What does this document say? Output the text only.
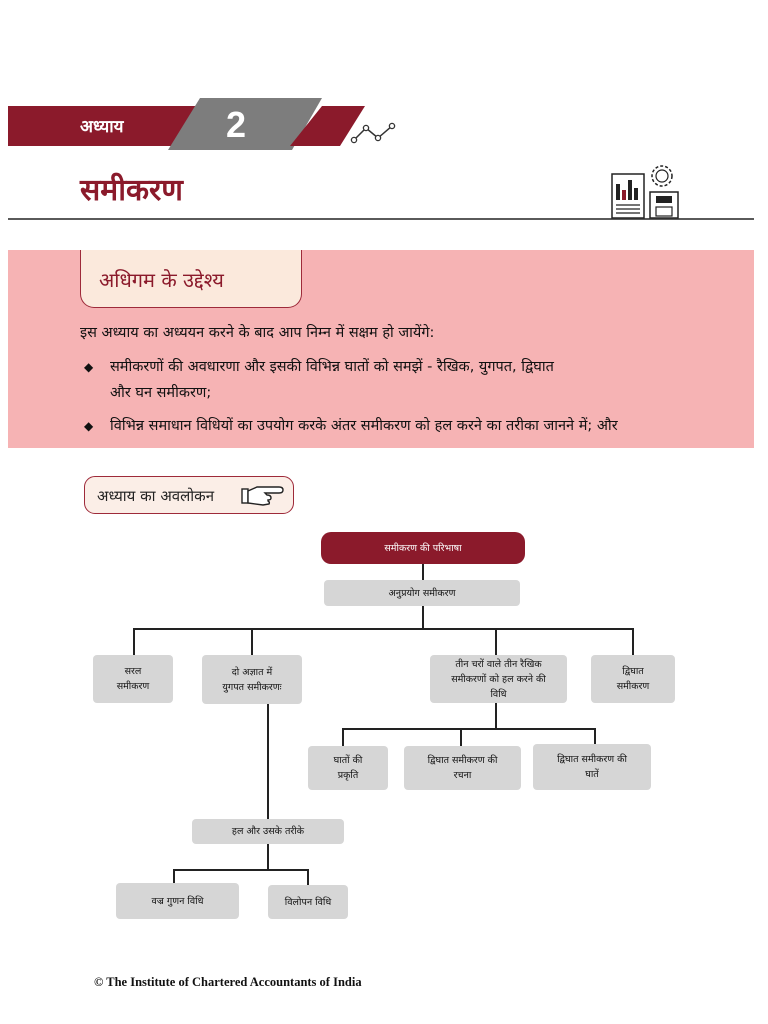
अध्याय	2
समीकरण
अधिगम के उद्देश्य
इस अध्याय का अध्ययन करने के बाद आप निम्न में सक्षम हो जायेंगे:
◆ समीकरणों की अवधारणा और इसकी विभिन्न घातों को समझें - रैखिक, युगपत, द्विघात
और घन समीकरण;
◆ विभिन्न समाधान विधियों का उपयोग करके अंतर समीकरण को हल करने का तरीका जानने में; और
अध्याय का अवलोकन
समीकरण की परिभाषा
अनुप्रयोग समीकरण
सरल
समीकरण
दो अज्ञात में
युगपत समीकरणः
तीन चरों वाले तीन रैखिक
समीकरणों को हल करने की
विधि
द्विघात
समीकरण
घातों की
प्रकृति
द्विघात समीकरण की
रचना
द्विघात समीकरण की
घातें
हल और उसके तरीके
वज्र गुणन विधि	विलोपन विधि
© The Institute of Chartered Accountants of India
